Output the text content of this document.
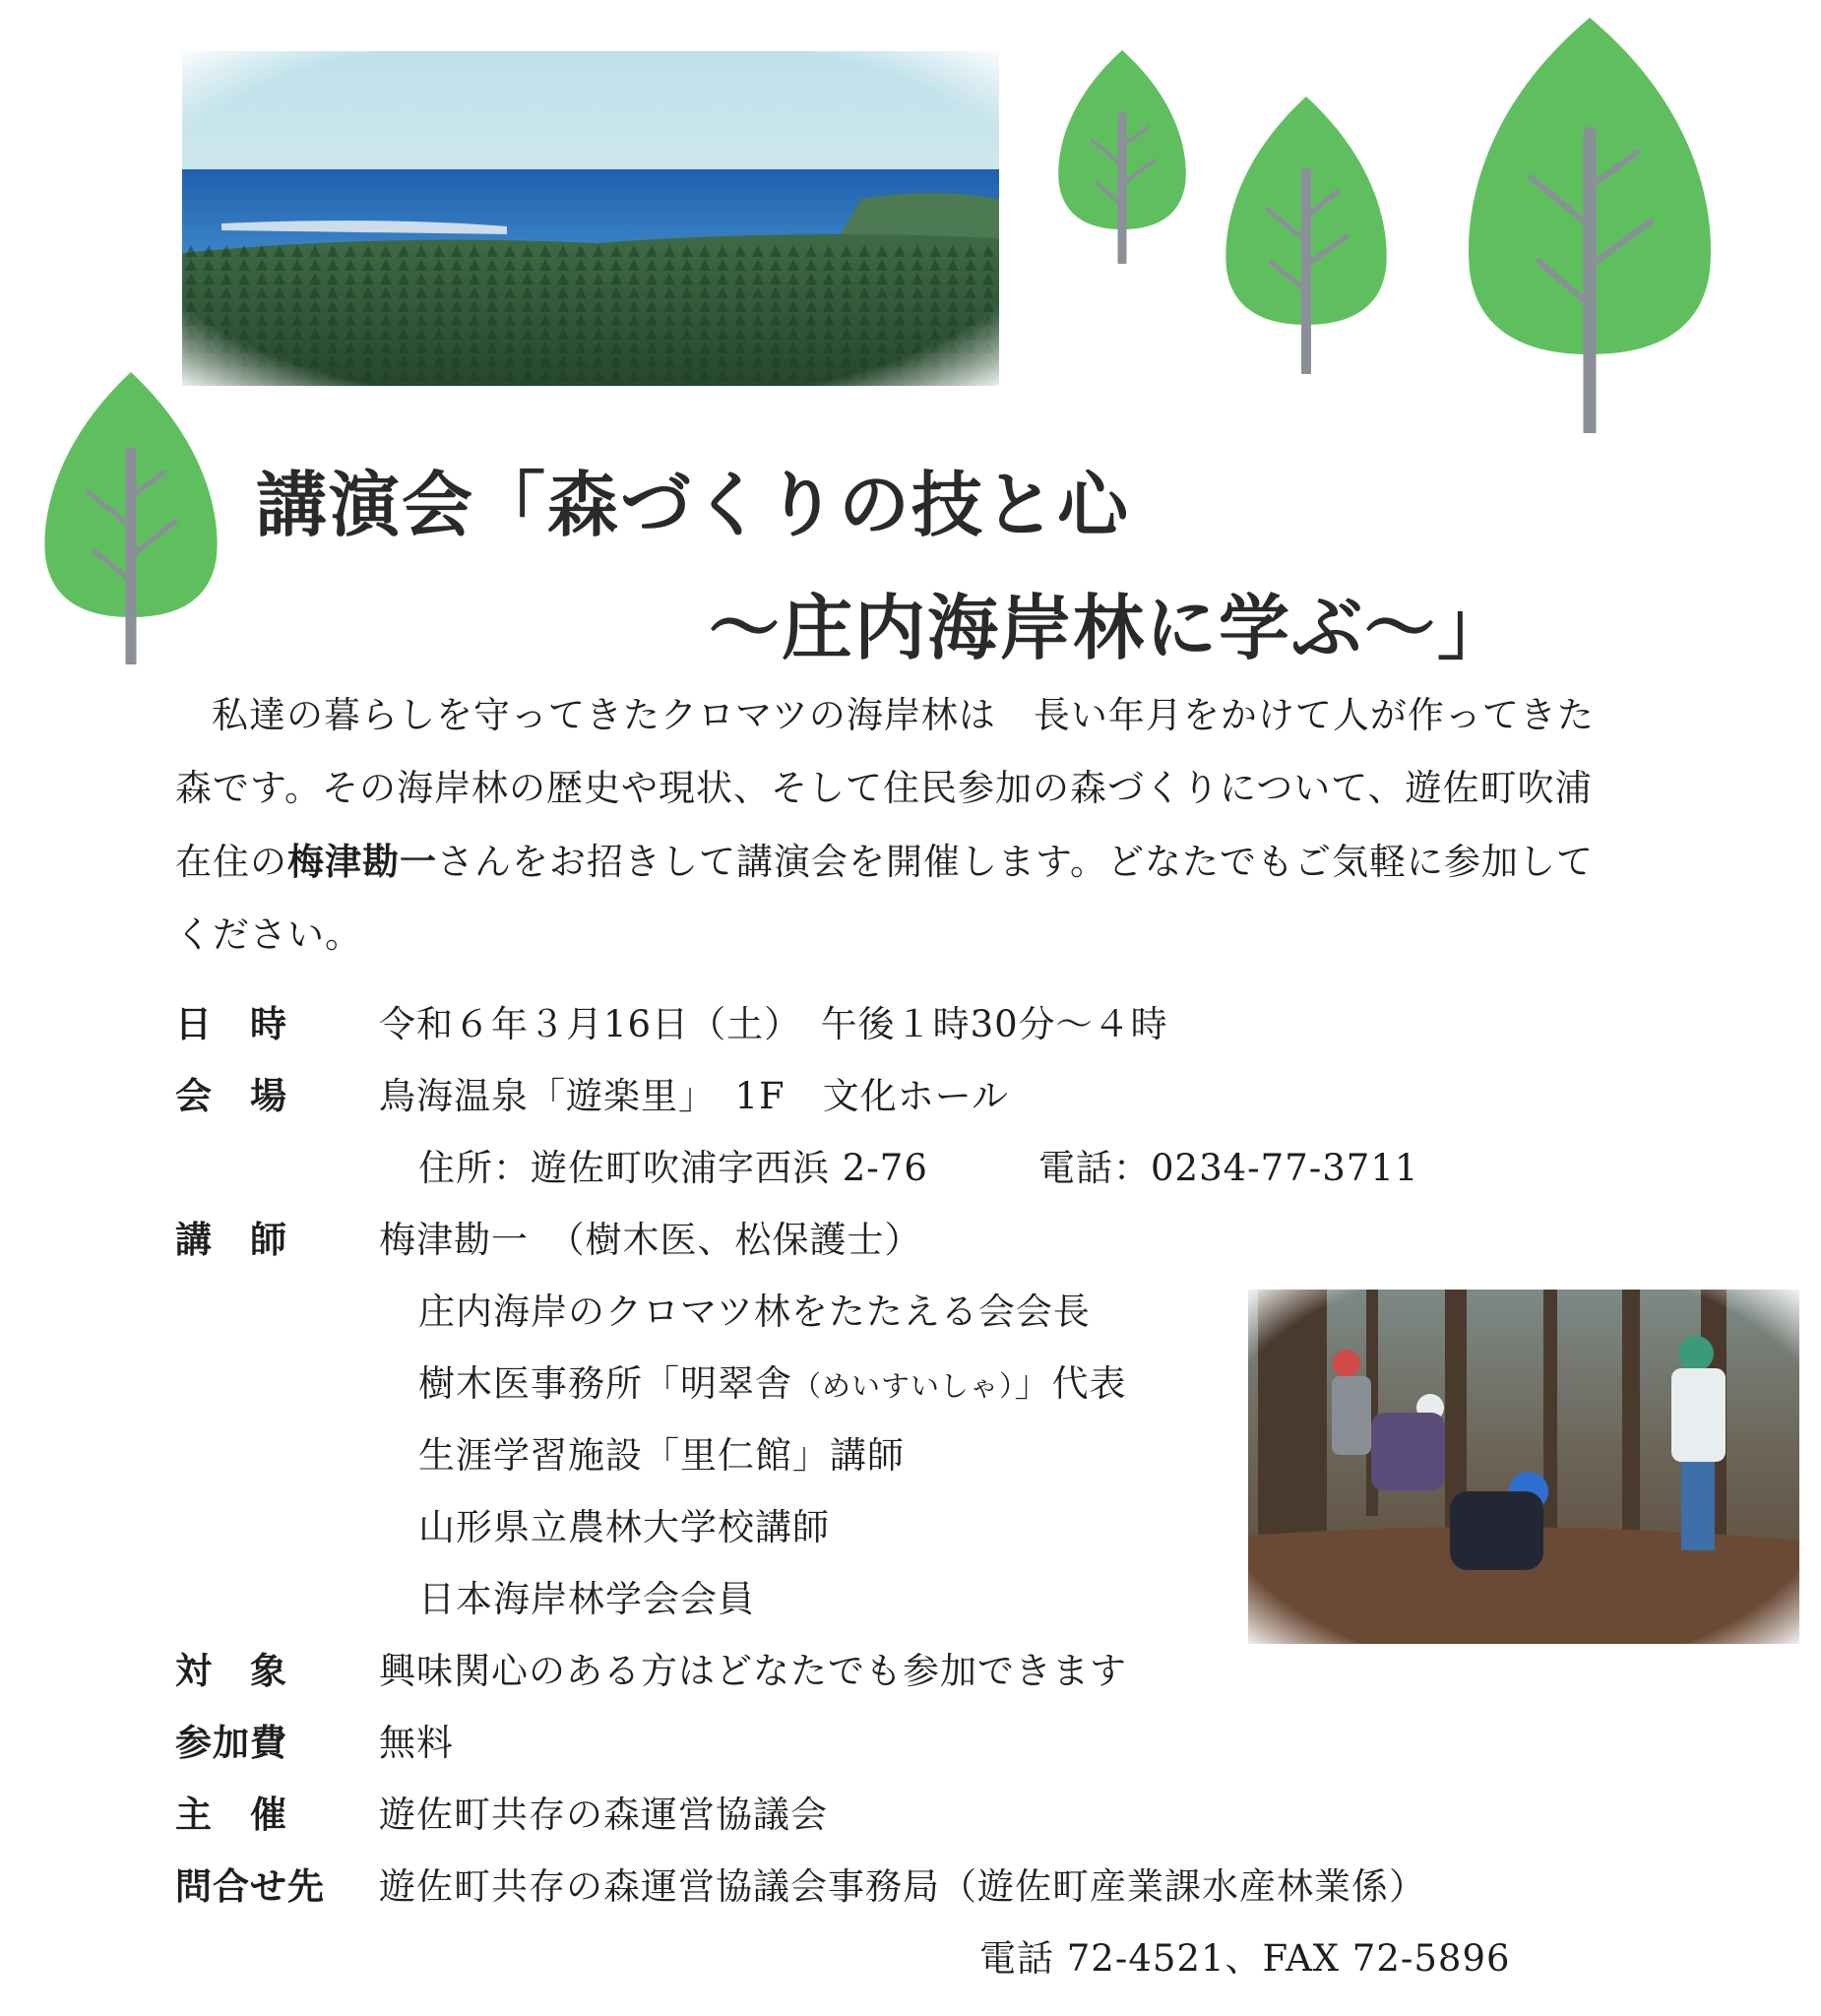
講演会「森づくりの技と心
～庄内海岸林に学ぶ～」

私達の暮らしを守ってきたクロマツの海岸林は　長い年月をかけて人が作ってきた森です。その海岸林の歴史や現状、そして住民参加の森づくりについて、遊佐町吹浦在住の梅津勘一さんをお招きして講演会を開催します。どなたでもご気軽に参加してください。

日　時	令和６年３月16日（土）　午後１時30分～４時
会　場	鳥海温泉「遊楽里」　1F　文化ホール
住所：遊佐町吹浦字西浜 2-76	電話：0234-77-3711
講　師	梅津勘一　（樹木医、松保護士）
庄内海岸のクロマツ林をたたえる会会長
樹木医事務所「明翠舎（めいすいしゃ）」代表
生涯学習施設「里仁館」講師
山形県立農林大学校講師
日本海岸林学会会員
対　象	興味関心のある方はどなたでも参加できます
参加費	無料
主　催	遊佐町共存の森運営協議会
問合せ先 遊佐町共存の森運営協議会事務局（遊佐町産業課水産林業係）
電話 72-4521、FAX 72-5896
